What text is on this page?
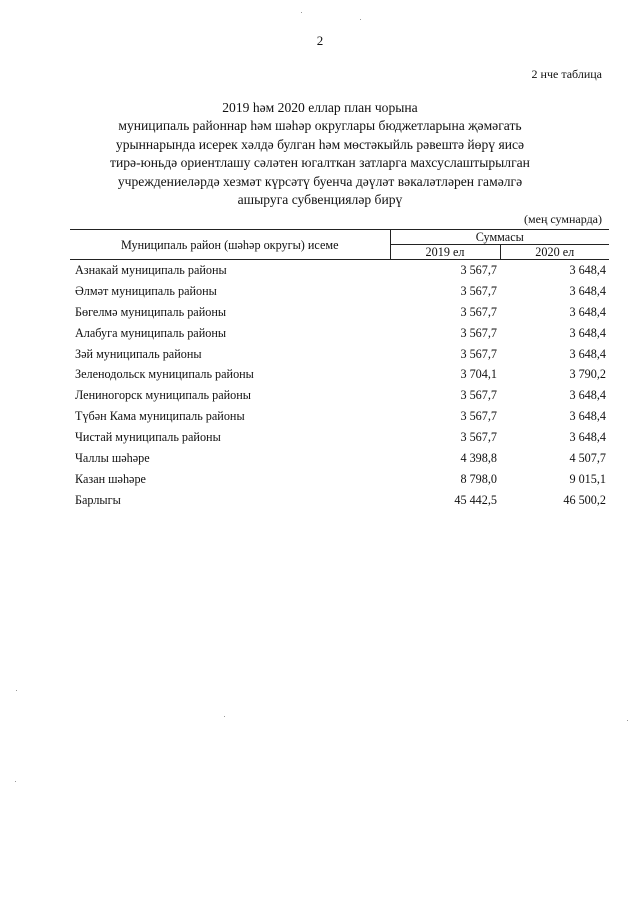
2
2 нче таблица
2019 һәм 2020 еллар план чорына
муниципаль районнар һәм шәһәр округлары бюджетларына җәмәгать
урыннарында исерек хәлдә булган һәм мөстәкыйль рәвештә йөрү яисә
тирә-юньдә ориентлашу сәләтен югалткан затларга махсуслаштырылган
учреждениеләрдә хезмәт күрсәтү буенча дәүләт вәкаләтләрен гамәлгә
ашыруга субвенцияләр бирү
(мең сумнарда)
Муниципаль район (шәһәр округы) исеме	Суммасы	
	2019 ел	2020 ел
Азнакай муниципаль районы	3 567,7	3 648,4
Әлмәт муниципаль районы	3 567,7	3 648,4
Бөгелмә муниципаль районы	3 567,7	3 648,4
Алабуга муниципаль районы	3 567,7	3 648,4
Зәй муниципаль районы	3 567,7	3 648,4
Зеленодольск муниципаль районы	3 704,1	3 790,2
Лениногорск муниципаль районы	3 567,7	3 648,4
Түбән Кама муниципаль районы	3 567,7	3 648,4
Чистай муниципаль районы	3 567,7	3 648,4
Чаллы шәһәре	4 398,8	4 507,7
Казан шәһәре	8 798,0	9 015,1
Барлыгы	45 442,5	46 500,2
